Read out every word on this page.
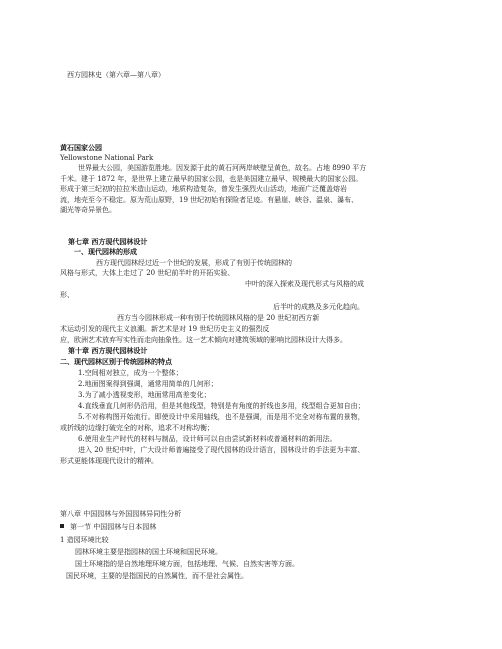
西方园林史（第六章—第八章）
黄石国家公园
Yellowstone National Park
世界最大公园，美国游览胜地。因发源于此的黄石河两岸峡壁呈黄色，故名。占地 8990 平方
千米。建于 1872 年，是世界上建立最早的国家公园，也是美国建立最早、规模最大的国家公园。
形成于第三纪初的拉拉米造山运动，地质构造复杂，曾发生强烈火山活动，地面广泛覆盖熔岩
流，地壳至今不稳定。原为荒山原野，19 世纪初始有探险者足迹。有悬崖、峡谷、温泉、瀑布、
湖光等奇异景色。
第七章 西方现代园林设计
一、现代园林的形成
西方现代园林经过近一个世纪的发展，形成了有别于传统园林的
风格与形式，大体上走过了 20 世纪前半叶的开拓实验、
中叶的深入探索及现代形式与风格的成
形、
后半叶的成熟及多元化趋向。
西方当今园林形成一种有别于传统园林风格的是 20 世纪初西方新
术运动引发的现代主义浪潮。新艺术是对 19 世纪历史主义的强烈反
应，欧洲艺术放弃写实性而走向抽象性。这一艺术倾向对建筑领域的影响比园林设计大得多。
第十章 西方现代园林设计
二、现代园林区别于传统园林的特点
1.空间相对独立，成为一个整体；
2.地面图案得到强调，通常用简单的几何形；
3.为了减小透视变形，地面常用高差变化；
4.直线垂直几何形仍沿用，但是其他线型，特别是有角度的折线也多用，线型组合更加自由；
5.不对称构图开始流行。即使设计中采用轴线，也不是强调，而是用不完全对称布置的景物，
或折线的边缘打破完全的对称，追求不对称均衡；
6.使用业生产时代的材料与制品，设计师可以自由尝试新材料或普通材料的新用法。
进入 20 世纪中叶，广大设计师普遍接受了现代园林的设计语言，园林设计的手法更为丰富、
形式更能体现现代设计的精神。
第八章 中国园林与外国园林异同性分析
第一节 中国园林与日本园林
1 造园环境比较
园林环境主要是指园林的国土环境和国民环境。
国土环境指的是自然地理环境方面，包括地理、气候、自然实害等方面。
国民环境，主要的是指国民的自然属性，而不是社会属性。
